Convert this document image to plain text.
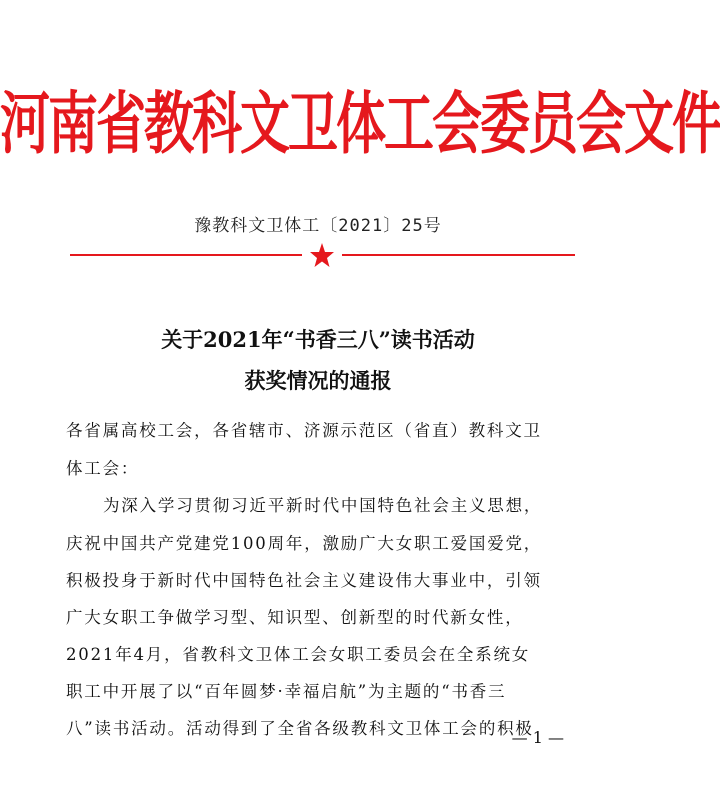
河南省教科文卫体工会委员会文件
豫教科文卫体工〔2021〕25号
关于2021年“书香三八”读书活动
获奖情况的通报
各省属高校工会，各省辖市、济源示范区（省直）教科文卫
体工会：
为深入学习贯彻习近平新时代中国特色社会主义思想，
庆祝中国共产党建党100周年，激励广大女职工爱国爱党，
积极投身于新时代中国特色社会主义建设伟大事业中，引领
广大女职工争做学习型、知识型、创新型的时代新女性，
2021年4月，省教科文卫体工会女职工委员会在全系统女
职工中开展了以“百年圆梦·幸福启航”为主题的“书香三
八”读书活动。活动得到了全省各级教科文卫体工会的积极
— 1 —
